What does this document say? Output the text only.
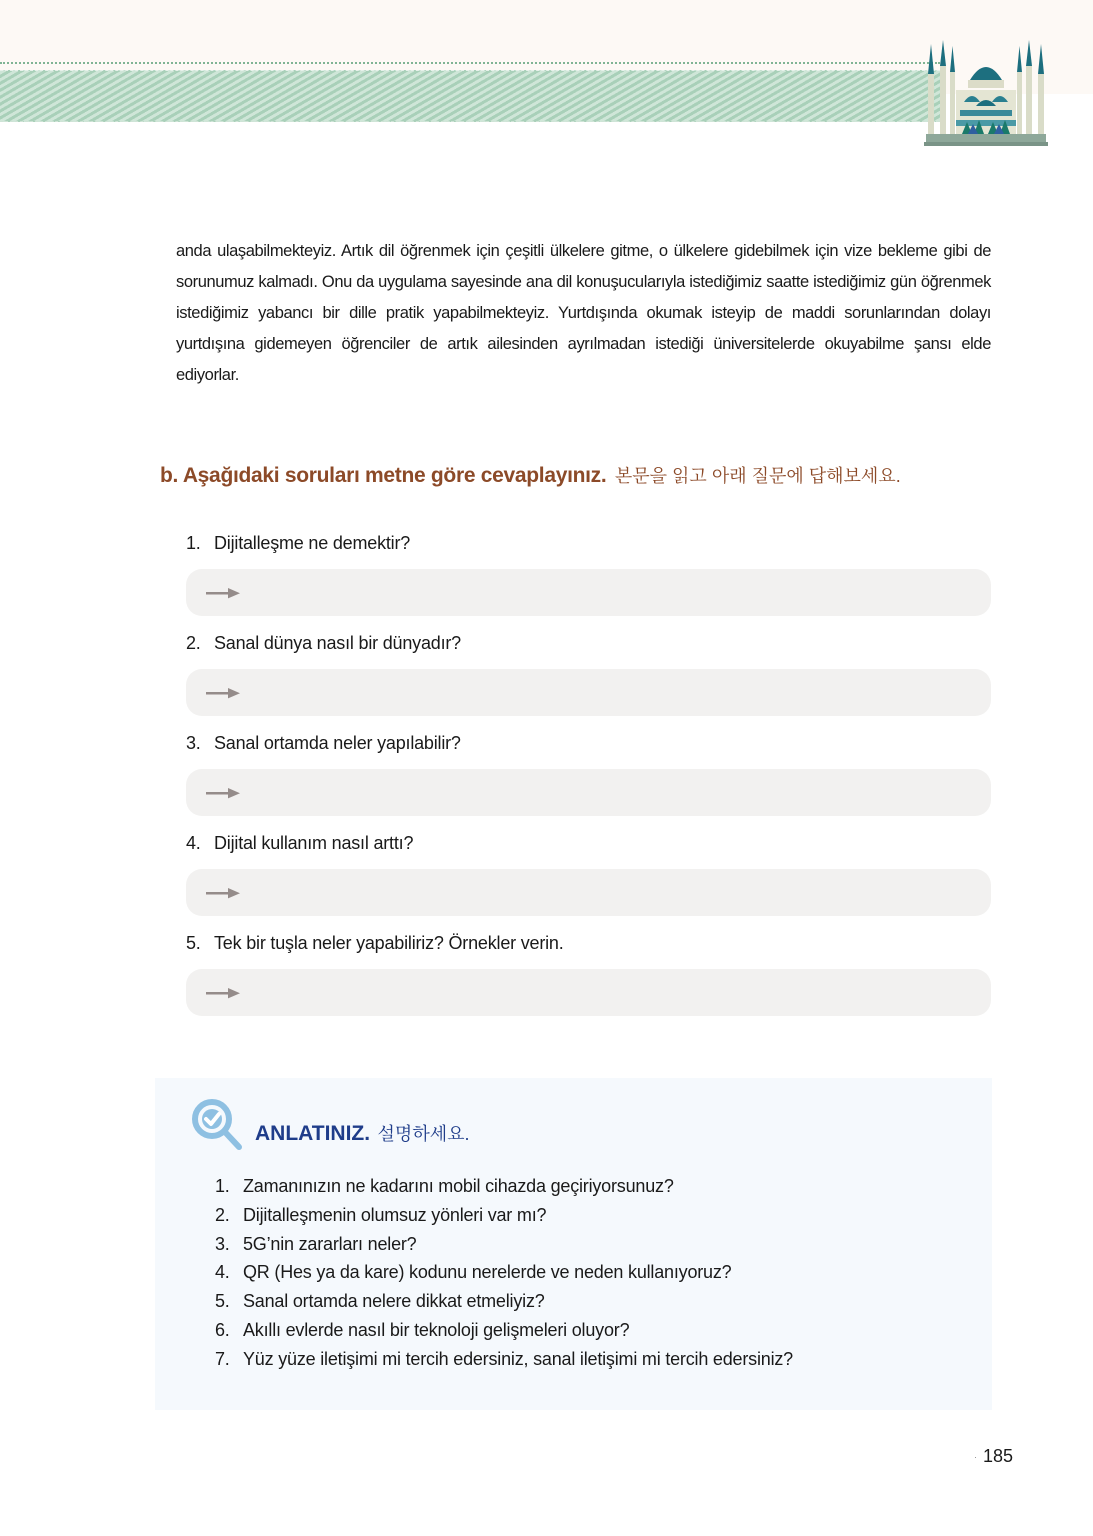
anda ulaşabilmekteyiz. Artık dil öğrenmek için çeşitli ülkelere gitme, o ülkelere gidebilmek için vize bekleme gibi de sorunumuz kalmadı. Onu da uygulama sayesinde ana dil konuşucularıyla istediğimiz saatte istediğimiz gün öğrenmek istediğimiz yabancı bir dille pratik yapabilmekteyiz. Yurtdışında okumak isteyip de maddi sorunlarından dolayı yurtdışına gidemeyen öğrenciler de artık ailesinden ayrılmadan istediği üniversitelerde okuyabilme şansı elde ediyorlar.
b. Aşağıdaki soruları metne göre cevaplayınız. 본문을 읽고 아래 질문에 답해보세요.
1. Dijitalleşme ne demektir?
2. Sanal dünya nasıl bir dünyadır?
3. Sanal ortamda neler yapılabilir?
4. Dijital kullanım nasıl arttı?
5. Tek bir tuşla neler yapabiliriz? Örnekler verin.
ANLATINIZ. 설명하세요.
1. Zamanınızın ne kadarını mobil cihazda geçiriyorsunuz?
2. Dijitalleşmenin olumsuz yönleri var mı?
3. 5G’nin zararları neler?
4. QR (Hes ya da kare) kodunu nerelerde ve neden kullanıyoruz?
5. Sanal ortamda nelere dikkat etmeliyiz?
6. Akıllı evlerde nasıl bir teknoloji gelişmeleri oluyor?
7. Yüz yüze iletişimi mi tercih edersiniz, sanal iletişimi mi tercih edersiniz?
· 185
